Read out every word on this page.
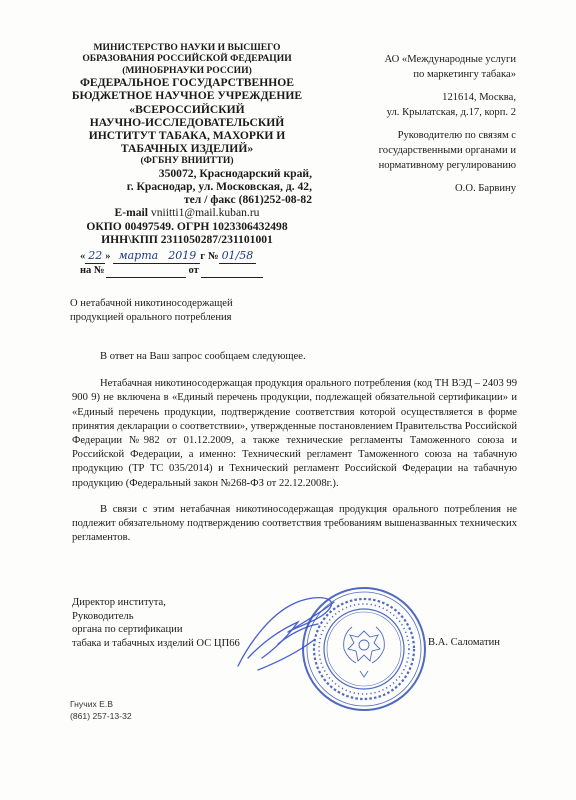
МИНИСТЕРСТВО НАУКИ И ВЫСШЕГО
ОБРАЗОВАНИЯ РОССИЙСКОЙ ФЕДЕРАЦИИ
(МИНОБРНАУКИ РОССИИ)
ФЕДЕРАЛЬНОЕ ГОСУДАРСТВЕННОЕ
БЮДЖЕТНОЕ НАУЧНОЕ УЧРЕЖДЕНИЕ
«ВСЕРОССИЙСКИЙ
НАУЧНО-ИССЛЕДОВАТЕЛЬСКИЙ
ИНСТИТУТ ТАБАКА, МАХОРКИ И
ТАБАЧНЫХ ИЗДЕЛИЙ»
(ФГБНУ ВНИИТТИ)
350072, Краснодарский край,
г. Краснодар, ул. Московская, д. 42,
тел / факс (861)252-08-82
E-mail vniitti1@mail.kuban.ru
ОКПО 00497549. ОГРН 1023306432498
ИНН\КПП 2311050287/231101001
« 22 » марта 2019 г № 01/58
на №	от
АО «Международные услуги
по маркетингу табака»
121614, Москва,
ул. Крылатская, д.17, корп. 2
Руководителю по связям с
государственными органами и
нормативному регулированию
О.О. Барвину
О нетабачной никотиносодержащей
продукцией орального потребления

В ответ на Ваш запрос сообщаем следующее.

Нетабачная никотиносодержащая продукция орального потребления (код ТН ВЭД – 2403 99 900 9) не включена в «Единый перечень продукции, подлежащей обязательной сертификации» и «Единый перечень продукции, подтверждение соответствия которой осуществляется в форме принятия декларации о соответствии», утвержденные постановлением Правительства Российской Федерации №982 от 01.12.2009, а также технические регламенты Таможенного союза и Российской Федерации, а именно: Технический регламент Таможенного союза на табачную продукцию (ТР ТС 035/2014) и Технический регламент Российской Федерации на табачную продукцию (Федеральный закон №268-ФЗ от 22.12.2008г.).

В связи с этим нетабачная никотиносодержащая продукция орального потребления не подлежит обязательному подтверждению соответствия требованиям вышеназванных технических регламентов.

Директор института,
Руководитель
органа по сертификации
табака и табачных изделий ОС ЦП66	В.А. Саломатин
Гнучих Е.В
(861) 257-13-32
